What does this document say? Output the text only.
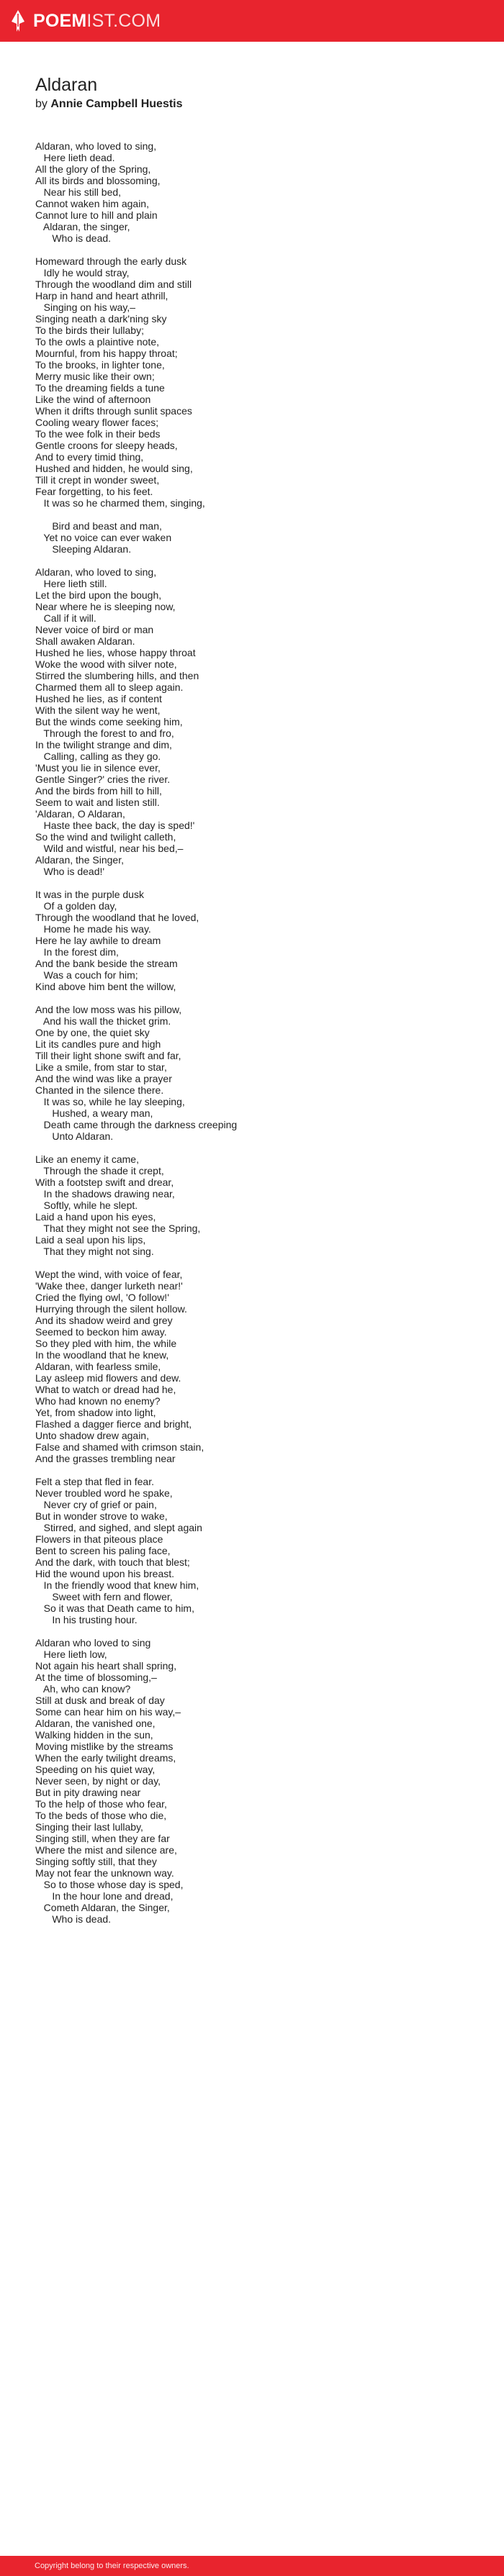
POEMIST.COM
Aldaran
by Annie Campbell Huestis
Aldaran, who loved to sing,
Here lieth dead.
All the glory of the Spring,
All its birds and blossoming,
Near his still bed,
Cannot waken him again,
Cannot lure to hill and plain
Aldaran, the singer,
Who is dead.

Homeward through the early dusk
Idly he would stray,
Through the woodland dim and still
Harp in hand and heart athrill,
Singing on his way,–
Singing neath a dark'ning sky
To the birds their lullaby;
To the owls a plaintive note,
Mournful, from his happy throat;
To the brooks, in lighter tone,
Merry music like their own;
To the dreaming fields a tune
Like the wind of afternoon
When it drifts through sunlit spaces
Cooling weary flower faces;
To the wee folk in their beds
Gentle croons for sleepy heads,
And to every timid thing,
Hushed and hidden, he would sing,
Till it crept in wonder sweet,
Fear forgetting, to his feet.
It was so he charmed them, singing,

Bird and beast and man,
Yet no voice can ever waken
Sleeping Aldaran.

Aldaran, who loved to sing,
Here lieth still.
Let the bird upon the bough,
Near where he is sleeping now,
Call if it will.
Never voice of bird or man
Shall awaken Aldaran.
Hushed he lies, whose happy throat
Woke the wood with silver note,
Stirred the slumbering hills, and then
Charmed them all to sleep again.
Hushed he lies, as if content
With the silent way he went,
But the winds come seeking him,
Through the forest to and fro,
In the twilight strange and dim,
Calling, calling as they go.
'Must you lie in silence ever,
Gentle Singer?' cries the river.
And the birds from hill to hill,
Seem to wait and listen still.
'Aldaran, O Aldaran,
Haste thee back, the day is sped!'
So the wind and twilight calleth,
Wild and wistful, near his bed,–
Aldaran, the Singer,
Who is dead!'

It was in the purple dusk
Of a golden day,
Through the woodland that he loved,
Home he made his way.
Here he lay awhile to dream
In the forest dim,
And the bank beside the stream
Was a couch for him;
Kind above him bent the willow,

And the low moss was his pillow,
And his wall the thicket grim.
One by one, the quiet sky
Lit its candles pure and high
Till their light shone swift and far,
Like a smile, from star to star,
And the wind was like a prayer
Chanted in the silence there.
It was so, while he lay sleeping,
Hushed, a weary man,
Death came through the darkness creeping
Unto Aldaran.

Like an enemy it came,
Through the shade it crept,
With a footstep swift and drear,
In the shadows drawing near,
Softly, while he slept.
Laid a hand upon his eyes,
That they might not see the Spring,
Laid a seal upon his lips,
That they might not sing.

Wept the wind, with voice of fear,
'Wake thee, danger lurketh near!'
Cried the flying owl, 'O follow!'
Hurrying through the silent hollow.
And its shadow weird and grey
Seemed to beckon him away.
So they pled with him, the while
In the woodland that he knew,
Aldaran, with fearless smile,
Lay asleep mid flowers and dew.
What to watch or dread had he,
Who had known no enemy?
Yet, from shadow into light,
Flashed a dagger fierce and bright,
Unto shadow drew again,
False and shamed with crimson stain,
And the grasses trembling near

Felt a step that fled in fear.
Never troubled word he spake,
Never cry of grief or pain,
But in wonder strove to wake,
Stirred, and sighed, and slept again
Flowers in that piteous place
Bent to screen his paling face,
And the dark, with touch that blest;
Hid the wound upon his breast.
In the friendly wood that knew him,
Sweet with fern and flower,
So it was that Death came to him,
In his trusting hour.

Aldaran who loved to sing
Here lieth low,
Not again his heart shall spring,
At the time of blossoming,–
Ah, who can know?
Still at dusk and break of day
Some can hear him on his way,–
Aldaran, the vanished one,
Walking hidden in the sun,
Moving mistlike by the streams
When the early twilight dreams,
Speeding on his quiet way,
Never seen, by night or day,
But in pity drawing near
To the help of those who fear,
To the beds of those who die,
Singing their last lullaby,
Singing still, when they are far
Where the mist and silence are,
Singing softly still, that they
May not fear the unknown way.
So to those whose day is sped,
In the hour lone and dread,
Cometh Aldaran, the Singer,
Who is dead.
Copyright belong to their respective owners.
